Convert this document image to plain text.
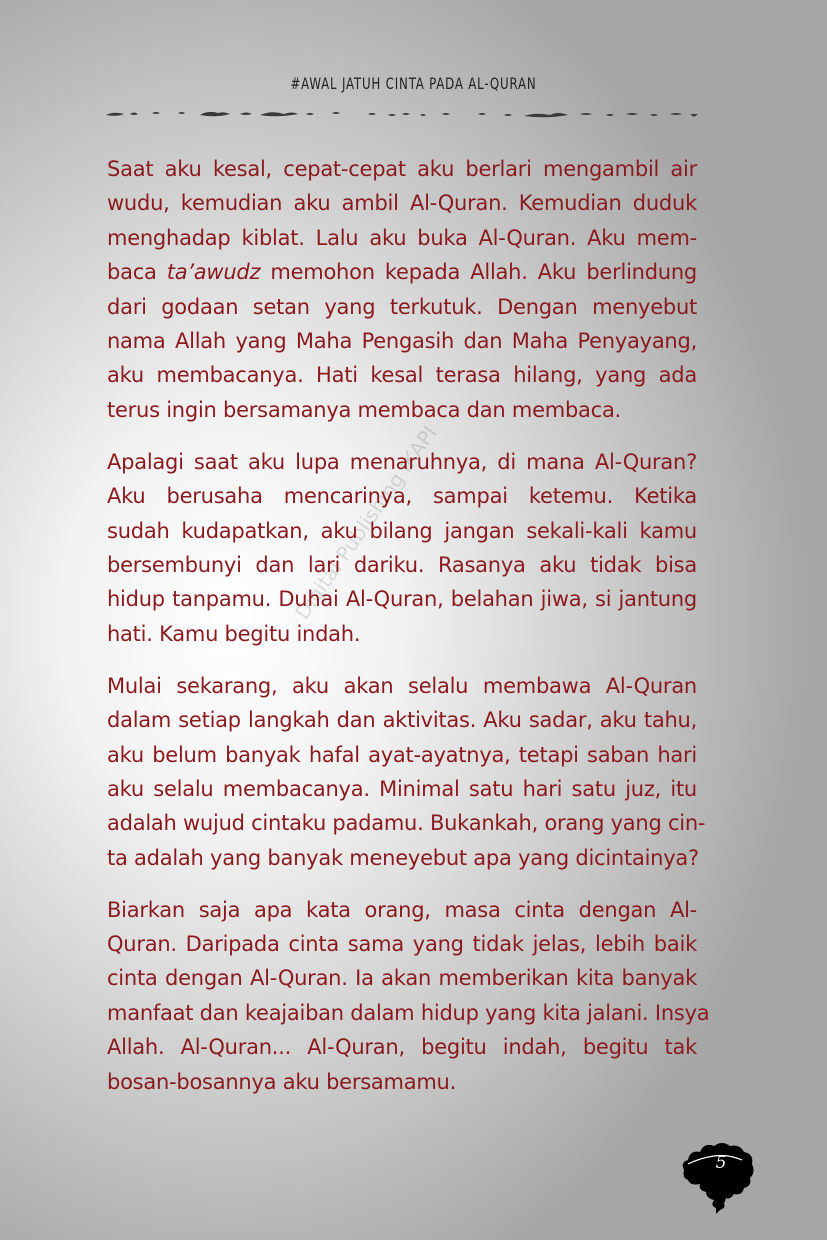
#AWAL JATUH CINTA PADA AL-QURAN
Digital Publishing IKAPI

Saat aku kesal, cepat-cepat aku berlari mengambil air
wudu, kemudian aku ambil Al-Quran. Kemudian duduk
menghadap kiblat. Lalu aku buka Al-Quran. Aku mem-
baca ta’awudz memohon kepada Allah. Aku berlindung
dari godaan setan yang terkutuk. Dengan menyebut
nama Allah yang Maha Pengasih dan Maha Penyayang,
aku membacanya. Hati kesal terasa hilang, yang ada
terus ingin bersamanya membaca dan membaca.

Apalagi saat aku lupa menaruhnya, di mana Al-Quran?
Aku berusaha mencarinya, sampai ketemu. Ketika
sudah kudapatkan, aku bilang jangan sekali-kali kamu
bersembunyi dan lari dariku. Rasanya aku tidak bisa
hidup tanpamu. Duhai Al-Quran, belahan jiwa, si jantung
hati. Kamu begitu indah.

Mulai sekarang, aku akan selalu membawa Al-Quran
dalam setiap langkah dan aktivitas. Aku sadar, aku tahu,
aku belum banyak hafal ayat-ayatnya, tetapi saban hari
aku selalu membacanya. Minimal satu hari satu juz, itu
adalah wujud cintaku padamu. Bukankah, orang yang cin-
ta adalah yang banyak meneyebut apa yang dicintainya?

Biarkan saja apa kata orang, masa cinta dengan Al-
Quran. Daripada cinta sama yang tidak jelas, lebih baik
cinta dengan Al-Quran. Ia akan memberikan kita banyak
manfaat dan keajaiban dalam hidup yang kita jalani. Insya
Allah. Al-Quran... Al-Quran, begitu indah, begitu tak
bosan-bosannya aku bersamamu.

5
